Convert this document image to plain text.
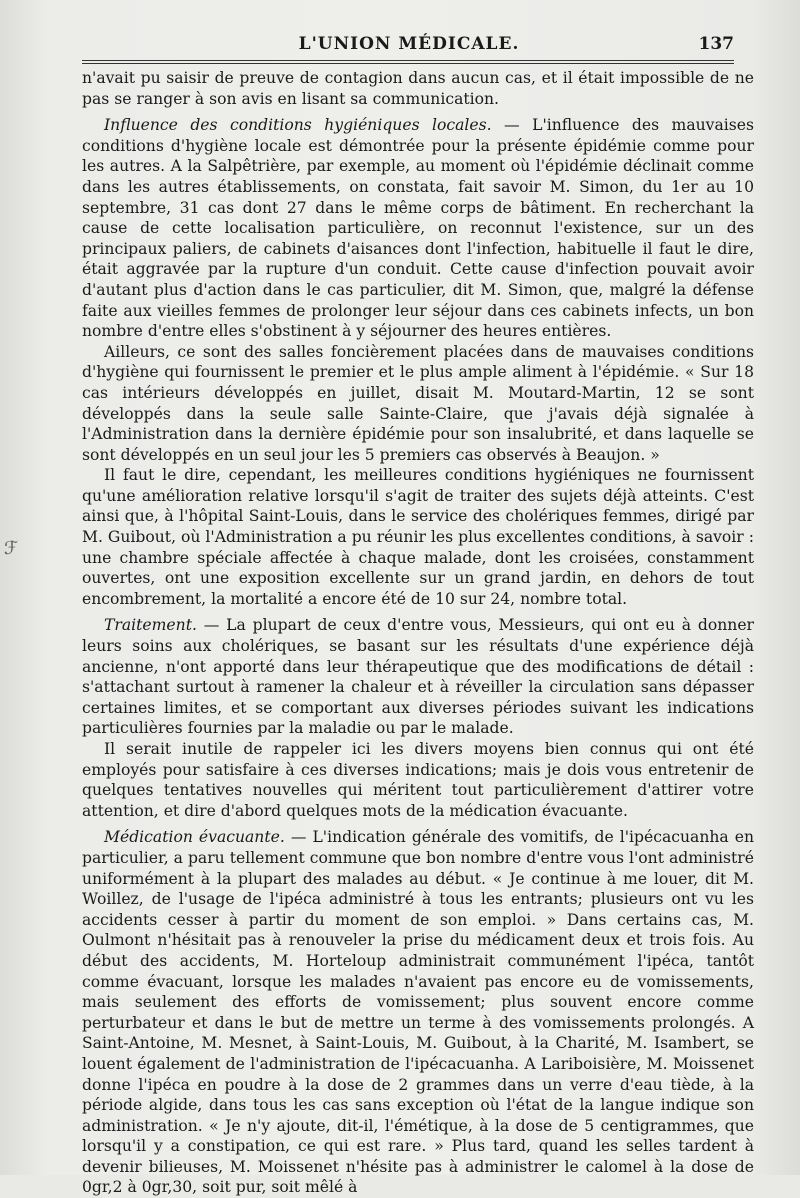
L'UNION MÉDICALE.	137
ℱ

n'avait pu saisir de preuve de contagion dans aucun cas, et il était impossible de ne pas se ranger à son avis en lisant sa communication.

Influence des conditions hygiéniques locales. — L'influence des mauvaises conditions d'hygiène locale est démontrée pour la présente épidémie comme pour les autres. A la Salpêtrière, par exemple, au moment où l'épidémie déclinait comme dans les autres établissements, on constata, fait savoir M. Simon, du 1er au 10 septembre, 31 cas dont 27 dans le même corps de bâtiment. En recherchant la cause de cette localisation particulière, on reconnut l'existence, sur un des principaux paliers, de cabinets d'aisances dont l'infection, habituelle il faut le dire, était aggravée par la rupture d'un conduit. Cette cause d'infection pouvait avoir d'autant plus d'action dans le cas particulier, dit M. Simon, que, malgré la défense faite aux vieilles femmes de prolonger leur séjour dans ces cabinets infects, un bon nombre d'entre elles s'obstinent à y séjourner des heures entières.

Ailleurs, ce sont des salles foncièrement placées dans de mauvaises conditions d'hygiène qui fournissent le premier et le plus ample aliment à l'épidémie. « Sur 18 cas intérieurs développés en juillet, disait M. Moutard-Martin, 12 se sont développés dans la seule salle Sainte-Claire, que j'avais déjà signalée à l'Administration dans la dernière épidémie pour son insalubrité, et dans laquelle se sont développés en un seul jour les 5 premiers cas observés à Beaujon. »

Il faut le dire, cependant, les meilleures conditions hygiéniques ne fournissent qu'une amélioration relative lorsqu'il s'agit de traiter des sujets déjà atteints. C'est ainsi que, à l'hôpital Saint-Louis, dans le service des cholériques femmes, dirigé par M. Guibout, où l'Administration a pu réunir les plus excellentes conditions, à savoir : une chambre spéciale affectée à chaque malade, dont les croisées, constamment ouvertes, ont une exposition excellente sur un grand jardin, en dehors de tout encombrement, la mortalité a encore été de 10 sur 24, nombre total.

Traitement. — La plupart de ceux d'entre vous, Messieurs, qui ont eu à donner leurs soins aux cholériques, se basant sur les résultats d'une expérience déjà ancienne, n'ont apporté dans leur thérapeutique que des modifications de détail : s'attachant surtout à ramener la chaleur et à réveiller la circulation sans dépasser certaines limites, et se comportant aux diverses périodes suivant les indications particulières fournies par la maladie ou par le malade.

Il serait inutile de rappeler ici les divers moyens bien connus qui ont été employés pour satisfaire à ces diverses indications; mais je dois vous entretenir de quelques tentatives nouvelles qui méritent tout particulièrement d'attirer votre attention, et dire d'abord quelques mots de la médication évacuante.

Médication évacuante. — L'indication générale des vomitifs, de l'ipécacuanha en particulier, a paru tellement commune que bon nombre d'entre vous l'ont administré uniformément à la plupart des malades au début. « Je continue à me louer, dit M. Woillez, de l'usage de l'ipéca administré à tous les entrants; plusieurs ont vu les accidents cesser à partir du moment de son emploi. » Dans certains cas, M. Oulmont n'hésitait pas à renouveler la prise du médicament deux et trois fois. Au début des accidents, M. Horteloup administrait communément l'ipéca, tantôt comme évacuant, lorsque les malades n'avaient pas encore eu de vomissements, mais seulement des efforts de vomissement; plus souvent encore comme perturbateur et dans le but de mettre un terme à des vomissements prolongés. A Saint-Antoine, M. Mesnet, à Saint-Louis, M. Guibout, à la Charité, M. Isambert, se louent également de l'administration de l'ipécacuanha. A Lariboisière, M. Moissenet donne l'ipéca en poudre à la dose de 2 grammes dans un verre d'eau tiède, à la période algide, dans tous les cas sans exception où l'état de la langue indique son administration. « Je n'y ajoute, dit-il, l'émétique, à la dose de 5 centigrammes, que lorsqu'il y a constipation, ce qui est rare. » Plus tard, quand les selles tardent à devenir bilieuses, M. Moissenet n'hésite pas à administrer le calomel à la dose de 0gr,2 à 0gr,30, soit pur, soit mêlé à
